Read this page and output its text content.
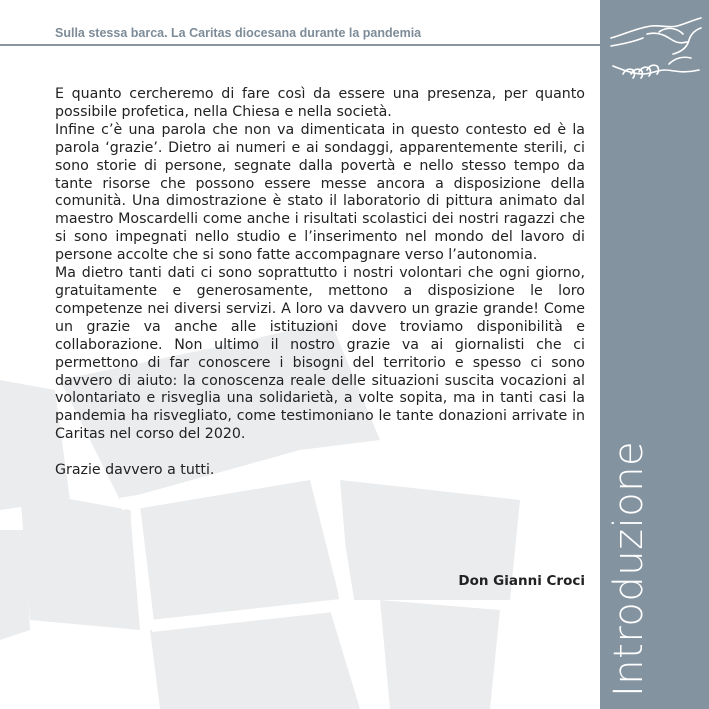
Sulla stessa barca. La Caritas diocesana durante la pandemia
Introduzione

E quanto cercheremo di fare così da essere una presenza, per quanto possibile profetica, nella Chiesa e nella società.

Infine c’è una parola che non va dimenticata in questo contesto ed è la parola ‘grazie’. Dietro ai numeri e ai sondaggi, apparentemente sterili, ci sono storie di persone, segnate dalla povertà e nello stesso tempo da tante risorse che possono essere messe ancora a disposizione della comunità. Una dimostrazione è stato il laboratorio di pittura animato dal maestro Moscardelli come anche i risultati scolastici dei nostri ragazzi che si sono impegnati nello studio e l’inserimento nel mondo del lavoro di persone accolte che si sono fatte accompagnare verso l’autonomia.

Ma dietro tanti dati ci sono soprattutto i nostri volontari che ogni giorno, gratuitamente e generosamente, mettono a disposizione le loro competenze nei diversi servizi. A loro va davvero un grazie grande! Come un grazie va anche alle istituzioni dove troviamo disponibilità e collaborazione. Non ultimo il nostro grazie va ai giornalisti che ci permettono di far conoscere i bisogni del territorio e spesso ci sono davvero di aiuto: la conoscenza reale delle situazioni suscita vocazioni al volontariato e risveglia una solidarietà, a volte sopita, ma in tanti casi la pandemia ha risvegliato, come testimoniano le tante donazioni arrivate in Caritas nel corso del 2020.

Grazie davvero a tutti.

Don Gianni Croci
